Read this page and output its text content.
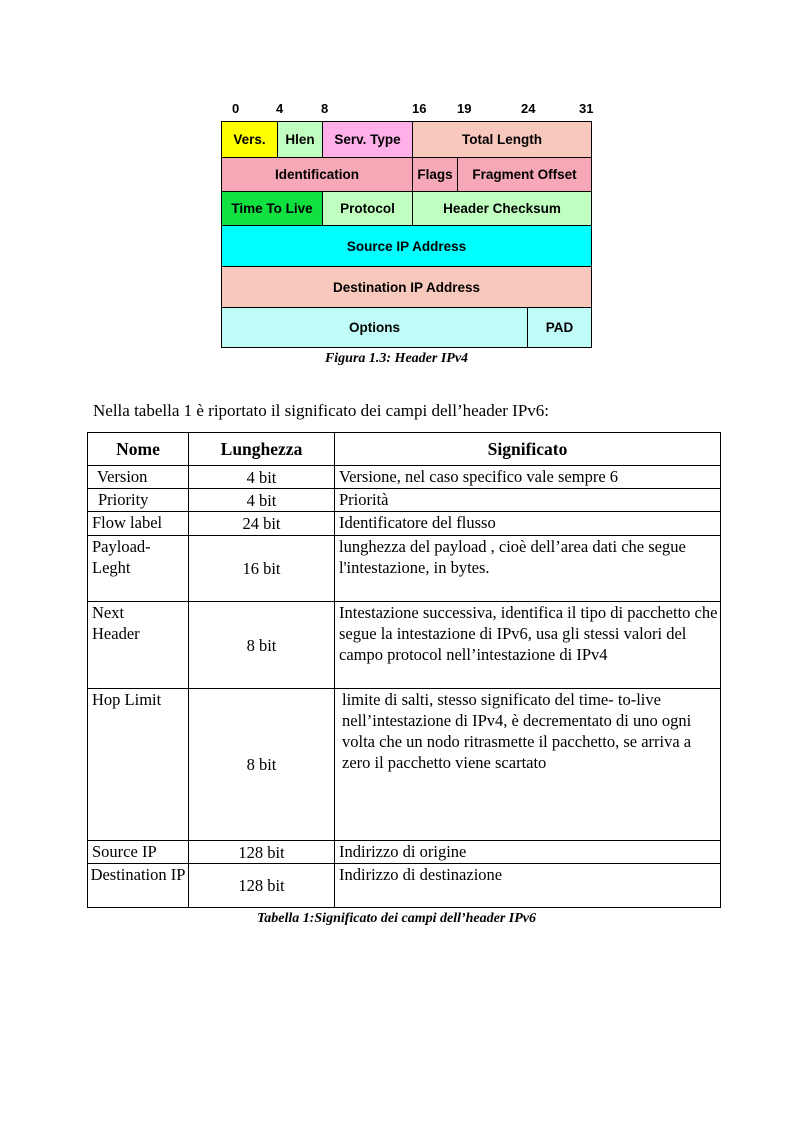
0	4	8	16 19	24	31
Vers.	Hlen	Serv. Type	Total Length
Identification	Flags	Fragment Offset
Time To Live	Protocol	Header Checksum
Source IP Address
Destination IP Address
Options	PAD
Figura 1.3: Header IPv4
Nella tabella 1 è riportato il significato dei campi dell’header IPv6:
Nome	Lunghezza	Significato
Version	4 bit	Versione, nel caso specifico vale sempre 6
Priority	4 bit	Priorità
Flow label	24 bit	Identificatore del flusso
Payload-Leght	16 bit	lunghezza del payload , cioè dell’area dati che segue l'intestazione, in bytes.
Next Header	8 bit	Intestazione successiva, identifica il tipo di pacchetto che segue la intestazione di IPv6, usa gli stessi valori del campo protocol nell’intestazione di IPv4
Hop Limit	8 bit	limite di salti, stesso significato del time- to-live nell’intestazione di IPv4, è decrementato di uno ogni volta che un nodo ritrasmette il pacchetto, se arriva a zero il pacchetto viene scartato
Source IP	128 bit	Indirizzo di origine
Destination IP	128 bit	Indirizzo di destinazione
Tabella 1:Significato dei campi dell’header IPv6
